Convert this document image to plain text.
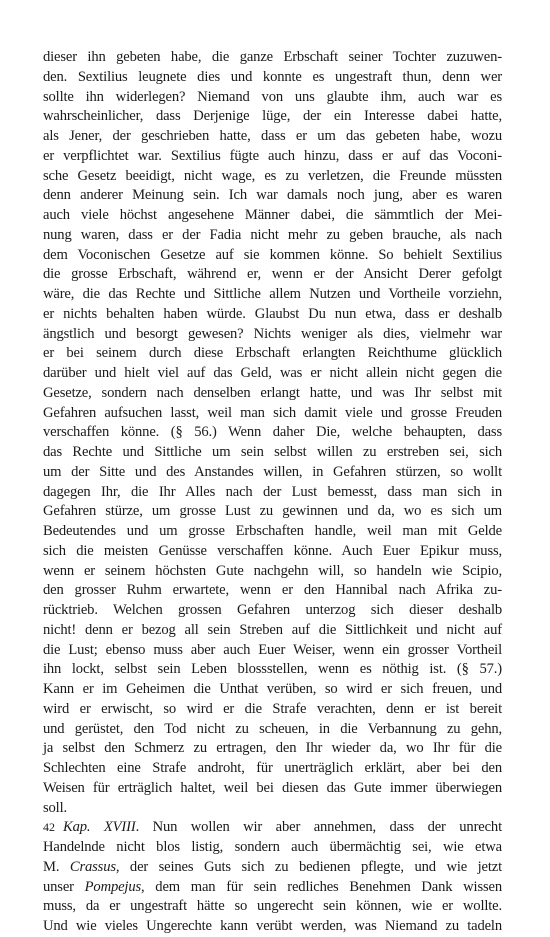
dieser ihn gebeten habe, die ganze Erbschaft seiner Tochter zuzuwen-
den. Sextilius leugnete dies und konnte es ungestraft thun, denn wer
sollte ihn widerlegen? Niemand von uns glaubte ihm, auch war es
wahrscheinlicher, dass Derjenige lüge, der ein Interesse dabei hatte,
als Jener, der geschrieben hatte, dass er um das gebeten habe, wozu
er verpflichtet war. Sextilius fügte auch hinzu, dass er auf das Voconi-
sche Gesetz beeidigt, nicht wage, es zu verletzen, die Freunde müssten
denn anderer Meinung sein. Ich war damals noch jung, aber es waren
auch viele höchst angesehene Männer dabei, die sämmtlich der Mei-
nung waren, dass er der Fadia nicht mehr zu geben brauche, als nach
dem Voconischen Gesetze auf sie kommen könne. So behielt Sextilius
die grosse Erbschaft, während er, wenn er der Ansicht Derer gefolgt
wäre, die das Rechte und Sittliche allem Nutzen und Vortheile vorziehn,
er nichts behalten haben würde. Glaubst Du nun etwa, dass er deshalb
ängstlich und besorgt gewesen? Nichts weniger als dies, vielmehr war
er bei seinem durch diese Erbschaft erlangten Reichthume glücklich
darüber und hielt viel auf das Geld, was er nicht allein nicht gegen die
Gesetze, sondern nach denselben erlangt hatte, und was Ihr selbst mit
Gefahren aufsuchen lasst, weil man sich damit viele und grosse Freuden
verschaffen könne. (§ 56.) Wenn daher Die, welche behaupten, dass
das Rechte und Sittliche um sein selbst willen zu erstreben sei, sich
um der Sitte und des Anstandes willen, in Gefahren stürzen, so wollt
dagegen Ihr, die Ihr Alles nach der Lust bemesst, dass man sich in
Gefahren stürze, um grosse Lust zu gewinnen und da, wo es sich um
Bedeutendes und um grosse Erbschaften handle, weil man mit Gelde
sich die meisten Genüsse verschaffen könne. Auch Euer Epikur muss,
wenn er seinem höchsten Gute nachgehn will, so handeln wie Scipio,
den grosser Ruhm erwartete, wenn er den Hannibal nach Afrika zu-
rücktrieb. Welchen grossen Gefahren unterzog sich dieser deshalb
nicht! denn er bezog all sein Streben auf die Sittlichkeit und nicht auf
die Lust; ebenso muss aber auch Euer Weiser, wenn ein grosser Vortheil
ihn lockt, selbst sein Leben blossstellen, wenn es nöthig ist. (§ 57.)
Kann er im Geheimen die Unthat verüben, so wird er sich freuen, und
wird er erwischt, so wird er die Strafe verachten, denn er ist bereit
und gerüstet, den Tod nicht zu scheuen, in die Verbannung zu gehn,
ja selbst den Schmerz zu ertragen, den Ihr wieder da, wo Ihr für die
Schlechten eine Strafe androht, für unerträglich erklärt, aber bei den
Weisen für erträglich haltet, weil bei diesen das Gute immer überwiegen
soll.
Kap. XVIII. Nun wollen wir aber annehmen, dass der unrecht
Handelnde nicht blos listig, sondern auch übermächtig sei, wie etwa
M. Crassus, der seines Guts sich zu bedienen pflegte, und wie jetzt
unser Pompejus, dem man für sein redliches Benehmen Dank wissen
muss, da er ungestraft hätte so ungerecht sein können, wie er wollte.
Und wie vieles Ungerechte kann verübt werden, was Niemand zu tadeln
42
